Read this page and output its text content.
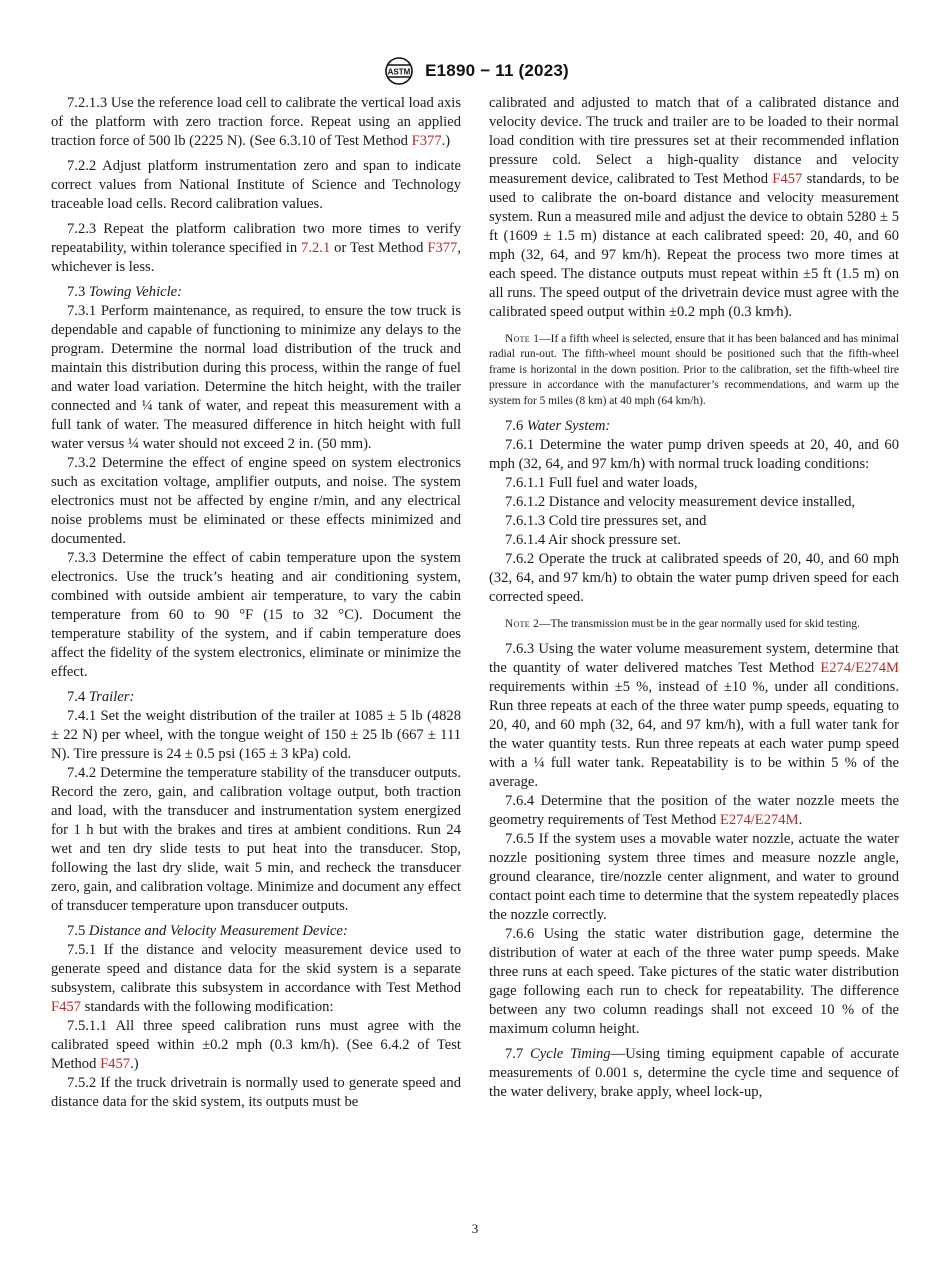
ASTM E1890 − 11 (2023)

7.2.1.3 Use the reference load cell to calibrate the vertical load axis of the platform with zero traction force. Repeat using an applied traction force of 500 lb (2225 N). (See 6.3.10 of Test Method F377.)

7.2.2 Adjust platform instrumentation zero and span to indicate correct values from National Institute of Science and Technology traceable load cells. Record calibration values.

7.2.3 Repeat the platform calibration two more times to verify repeatability, within tolerance specified in 7.2.1 or Test Method F377, whichever is less.

7.3 Towing Vehicle:

7.3.1 Perform maintenance, as required, to ensure the tow truck is dependable and capable of functioning to minimize any delays to the program. Determine the normal load distribution of the truck and maintain this distribution during this process, within the range of fuel and water load variation. Determine the hitch height, with the trailer connected and ¼ tank of water, and repeat this measurement with a full tank of water. The measured difference in hitch height with full water versus ¼ water should not exceed 2 in. (50 mm).

7.3.2 Determine the effect of engine speed on system electronics such as excitation voltage, amplifier outputs, and noise. The system electronics must not be affected by engine r/min, and any electrical noise problems must be eliminated or these effects minimized and documented.

7.3.3 Determine the effect of cabin temperature upon the system electronics. Use the truck’s heating and air conditioning system, combined with outside ambient air temperature, to vary the cabin temperature from 60 to 90 °F (15 to 32 °C). Document the temperature stability of the system, and if cabin temperature does affect the fidelity of the system electronics, eliminate or minimize the effect.

7.4 Trailer:

7.4.1 Set the weight distribution of the trailer at 1085 ± 5 lb (4828 ± 22 N) per wheel, with the tongue weight of 150 ± 25 lb (667 ± 111 N). Tire pressure is 24 ± 0.5 psi (165 ± 3 kPa) cold.

7.4.2 Determine the temperature stability of the transducer outputs. Record the zero, gain, and calibration voltage output, both traction and load, with the transducer and instrumentation system energized for 1 h but with the brakes and tires at ambient conditions. Run 24 wet and ten dry slide tests to put heat into the transducer. Stop, following the last dry slide, wait 5 min, and recheck the transducer zero, gain, and calibration voltage. Minimize and document any effect of transducer temperature upon transducer outputs.

7.5 Distance and Velocity Measurement Device:

7.5.1 If the distance and velocity measurement device used to generate speed and distance data for the skid system is a separate subsystem, calibrate this subsystem in accordance with Test Method F457 standards with the following modification:

7.5.1.1 All three speed calibration runs must agree with the calibrated speed within ±0.2 mph (0.3 km/h). (See 6.4.2 of Test Method F457.)

7.5.2 If the truck drivetrain is normally used to generate speed and distance data for the skid system, its outputs must be

calibrated and adjusted to match that of a calibrated distance and velocity device. The truck and trailer are to be loaded to their normal load condition with tire pressures set at their recommended inflation pressure cold. Select a high-quality distance and velocity measurement device, calibrated to Test Method F457 standards, to be used to calibrate the on-board distance and velocity measurement system. Run a measured mile and adjust the device to obtain 5280 ± 5 ft (1609 ± 1.5 m) distance at each calibrated speed: 20, 40, and 60 mph (32, 64, and 97 km/h). Repeat the process two more times at each speed. The distance outputs must repeat within ±5 ft (1.5 m) on all runs. The speed output of the drivetrain device must agree with the calibrated speed output within ±0.2 mph (0.3 km⁄h).

Note 1—If a fifth wheel is selected, ensure that it has been balanced and has minimal radial run-out. The fifth-wheel mount should be positioned such that the fifth-wheel frame is horizontal in the down position. Prior to the calibration, set the fifth-wheel tire pressure in accordance with the manufacturer’s recommendations, and warm up the system for 5 miles (8 km) at 40 mph (64 km/h).

7.6 Water System:

7.6.1 Determine the water pump driven speeds at 20, 40, and 60 mph (32, 64, and 97 km/h) with normal truck loading conditions:

7.6.1.1 Full fuel and water loads,

7.6.1.2 Distance and velocity measurement device installed,

7.6.1.3 Cold tire pressures set, and

7.6.1.4 Air shock pressure set.

7.6.2 Operate the truck at calibrated speeds of 20, 40, and 60 mph (32, 64, and 97 km/h) to obtain the water pump driven speed for each corrected speed.

Note 2—The transmission must be in the gear normally used for skid testing.

7.6.3 Using the water volume measurement system, determine that the quantity of water delivered matches Test Method E274/E274M requirements within ±5 %, instead of ±10 %, under all conditions. Run three repeats at each of the three water pump speeds, equating to 20, 40, and 60 mph (32, 64, and 97 km/h), with a full water tank for the water quantity tests. Run three repeats at each water pump speed with a ¼ full water tank. Repeatability is to be within 5 % of the average.

7.6.4 Determine that the position of the water nozzle meets the geometry requirements of Test Method E274/E274M.

7.6.5 If the system uses a movable water nozzle, actuate the water nozzle positioning system three times and measure nozzle angle, ground clearance, tire/nozzle center alignment, and water to ground contact point each time to determine that the system repeatedly places the nozzle correctly.

7.6.6 Using the static water distribution gage, determine the distribution of water at each of the three water pump speeds. Make three runs at each speed. Take pictures of the static water distribution gage following each run to check for repeatability. The difference between any two column readings shall not exceed 10 % of the maximum column height.

7.7 Cycle Timing—Using timing equipment capable of accurate measurements of 0.001 s, determine the cycle time and sequence of the water delivery, brake apply, wheel lock-up,

3
